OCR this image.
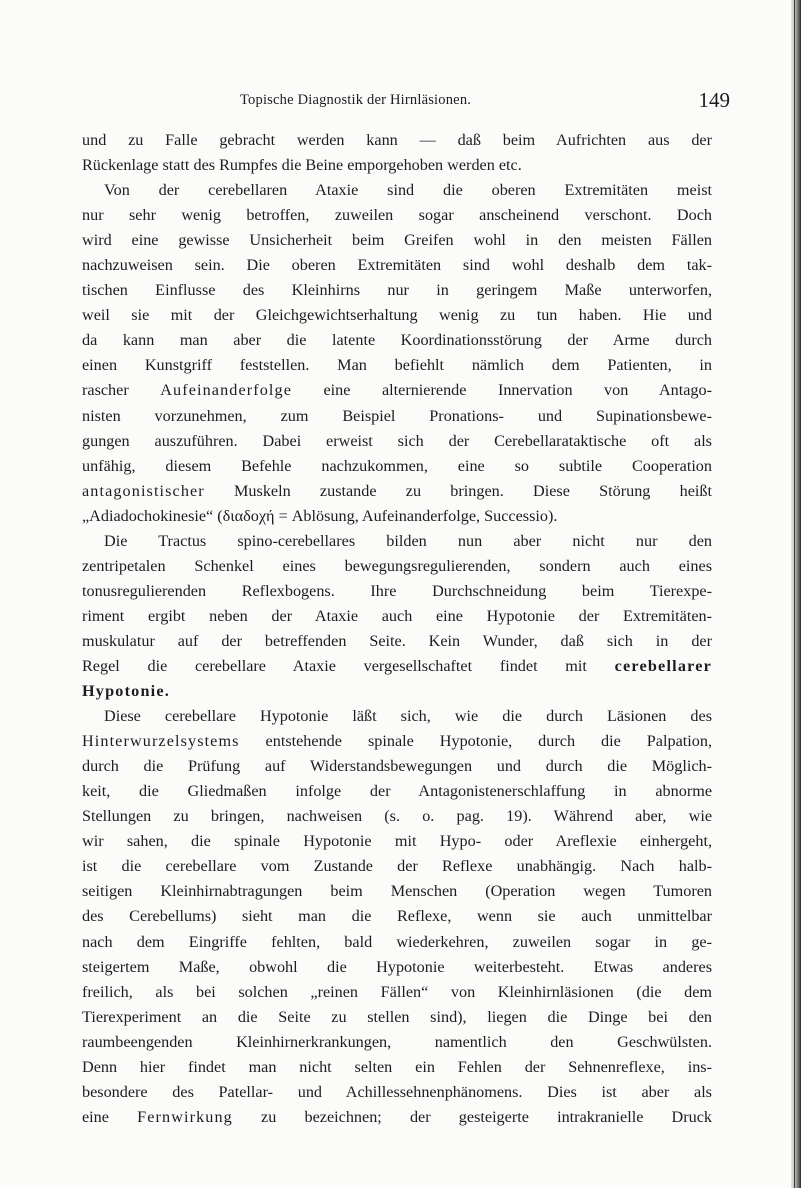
Topische Diagnostik der Hirnläsionen.	149
und zu Falle gebracht werden kann — daß beim Aufrichten aus der
Rückenlage statt des Rumpfes die Beine emporgehoben werden etc.
Von der cerebellaren Ataxie sind die oberen Extremitäten meist
nur sehr wenig betroffen, zuweilen sogar anscheinend verschont. Doch
wird eine gewisse Unsicherheit beim Greifen wohl in den meisten Fällen
nachzuweisen sein. Die oberen Extremitäten sind wohl deshalb dem tak-
tischen Einflusse des Kleinhirns nur in geringem Maße unterworfen,
weil sie mit der Gleichgewichtserhaltung wenig zu tun haben. Hie und
da kann man aber die latente Koordinationsstörung der Arme durch
einen Kunstgriff feststellen. Man befiehlt nämlich dem Patienten, in
rascher Aufeinanderfolge eine alternierende Innervation von Antago-
nisten vorzunehmen, zum Beispiel Pronations- und Supinationsbewe-
gungen auszuführen. Dabei erweist sich der Cerebellarataktische oft als
unfähig, diesem Befehle nachzukommen, eine so subtile Cooperation
antagonistischer Muskeln zustande zu bringen. Diese Störung heißt
„Adiadochokinesie“ (διαδοχή = Ablösung, Aufeinanderfolge, Successio).
Die Tractus spino-cerebellares bilden nun aber nicht nur den
zentripetalen Schenkel eines bewegungsregulierenden, sondern auch eines
tonusregulierenden Reflexbogens. Ihre Durchschneidung beim Tierexpe-
riment ergibt neben der Ataxie auch eine Hypotonie der Extremitäten-
muskulatur auf der betreffenden Seite. Kein Wunder, daß sich in der
Regel die cerebellare Ataxie vergesellschaftet findet mit cerebellarer
Hypotonie.
Diese cerebellare Hypotonie läßt sich, wie die durch Läsionen des
Hinterwurzelsystems entstehende spinale Hypotonie, durch die Palpation,
durch die Prüfung auf Widerstandsbewegungen und durch die Möglich-
keit, die Gliedmaßen infolge der Antagonistenerschlaffung in abnorme
Stellungen zu bringen, nachweisen (s. o. pag. 19). Während aber, wie
wir sahen, die spinale Hypotonie mit Hypo- oder Areflexie einhergeht,
ist die cerebellare vom Zustande der Reflexe unabhängig. Nach halb-
seitigen Kleinhirnabtragungen beim Menschen (Operation wegen Tumoren
des Cerebellums) sieht man die Reflexe, wenn sie auch unmittelbar
nach dem Eingriffe fehlten, bald wiederkehren, zuweilen sogar in ge-
steigertem Maße, obwohl die Hypotonie weiterbesteht. Etwas anderes
freilich, als bei solchen „reinen Fällen“ von Kleinhirnläsionen (die dem
Tierexperiment an die Seite zu stellen sind), liegen die Dinge bei den
raumbeengenden Kleinhirnerkrankungen, namentlich den Geschwülsten.
Denn hier findet man nicht selten ein Fehlen der Sehnenreflexe, ins-
besondere des Patellar- und Achillessehnenphänomens. Dies ist aber als
eine Fernwirkung zu bezeichnen; der gesteigerte intrakranielle Druck
